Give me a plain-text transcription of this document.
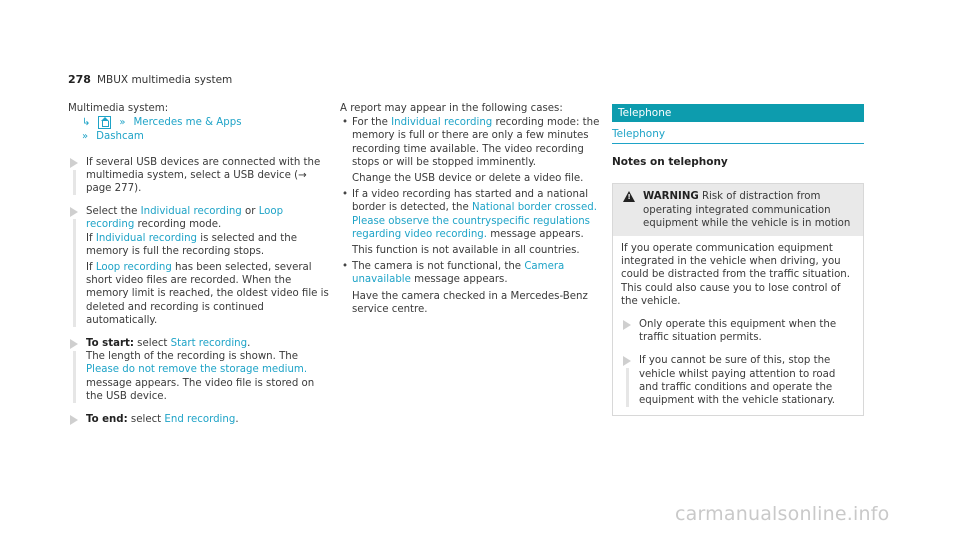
278 MBUX multimedia system
Multimedia system:
↳	» Mercedes me & Apps
» Dashcam

If several USB devices are connected with the multimedia system, select a USB device (→ page 277).

Select the Individual recording or Loop recording recording mode.

If Individual recording is selected and the memory is full the recording stops.

If Loop recording has been selected, several short video files are recorded. When the memory limit is reached, the oldest video file is deleted and recording is continued automatically.

To start: select Start recording.

The length of the recording is shown. The

Please do not remove the storage medium.

message appears. The video file is stored on the USB device.

To end: select End recording.

A report may appear in the following cases:
• For the Individual recording recording mode: the memory is full or there are only a few minutes recording time available. The video recording stops or will be stopped imminently.
Change the USB device or delete a video file.
• If a video recording has started and a national border is detected, the National border crossed. Please observe the countryspecific regulations regarding video recording. message appears.
This function is not available in all countries.
• The camera is not functional, the Camera unavailable message appears.
Have the camera checked in a Mercedes-Benz service centre.
Telephone
Telephony
Notes on telephony
!
WARNING Risk of distraction from operating integrated communication equipment while the vehicle is in motion

If you operate communication equipment integrated in the vehicle when driving, you could be distracted from the traffic situation. This could also cause you to lose control of the vehicle.

Only operate this equipment when the traffic situation permits.

If you cannot be sure of this, stop the vehicle whilst paying attention to road and traffic conditions and operate the equipment with the vehicle stationary.

carmanualsonline.info
